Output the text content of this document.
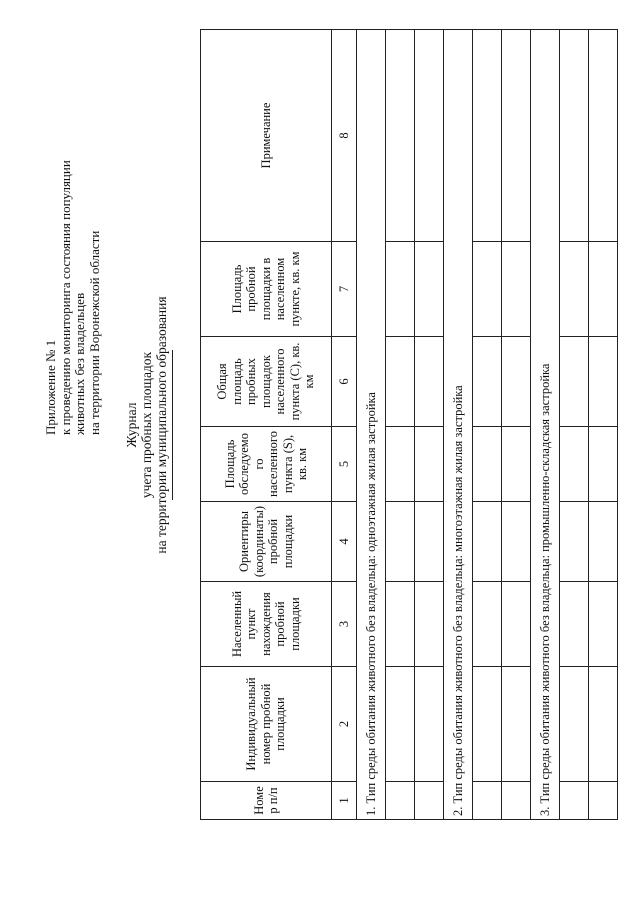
Приложение № 1 к проведению мониторинга состояния популяции животных без владельцев на территории Воронежской области Журнал учета пробных площадок на территории муниципального образования
Номе р п/п	Индивидуальный номер пробной площадки	Населенный пункт нахождения пробной площадки	Ориентиры (координаты) пробной площадки	Площадь обследуемо го населенного пункта (S), кв. км	Общая площадь пробных площадок населенного пункта (С), кв. км	Площадь пробной площадки в населенном пункте, кв. км	Примечание
1	2	3	4	5	6	7	8
1. Тип среды обитания животного без владельца: одноэтажная жилая застройка							

2. Тип среды обитания животного без владельца: многоэтажная жилая застройка							

3. Тип среды обитания животного без владельца: промышленно-складская застройка							
